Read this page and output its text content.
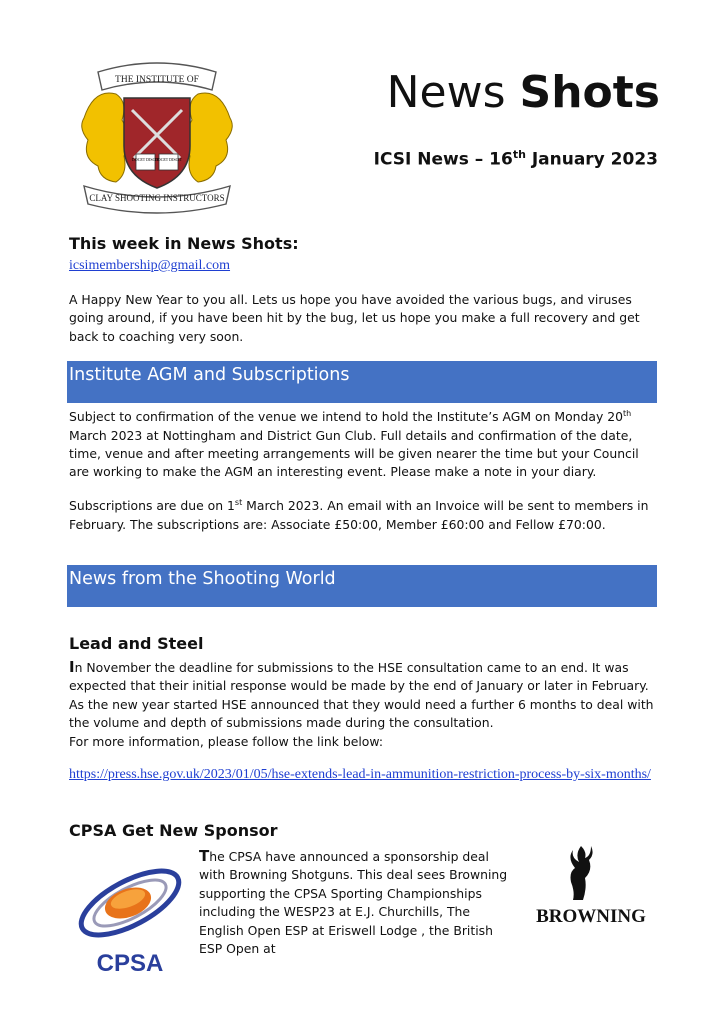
THE INSTITUTE OF
DOCET DISCIT
DOCET DISCIT
CLAY SHOOTING INSTRUCTORS
News Shots
ICSI News – 16th January 2023
This week in News Shots:
icsimembership@gmail.com
A Happy New Year to you all. Lets us hope you have avoided the various bugs, and viruses going around, if you have been hit by the bug, let us hope you make a full recovery and get back to coaching very soon.
Institute AGM and Subscriptions
Subject to confirmation of the venue we intend to hold the Institute’s AGM on Monday 20th March 2023 at Nottingham and District Gun Club. Full details and confirmation of the date, time, venue and after meeting arrangements will be given nearer the time but your Council are working to make the AGM an interesting event. Please make a note in your diary.
Subscriptions are due on 1st March 2023. An email with an Invoice will be sent to members in February. The subscriptions are: Associate £50:00, Member £60:00 and Fellow £70:00.
News from the Shooting World
Lead and Steel
In November the deadline for submissions to the HSE consultation came to an end. It was expected that their initial response would be made by the end of January or later in February. As the new year started HSE announced that they would need a further 6 months to deal with the volume and depth of submissions made during the consultation.
For more information, please follow the link below:
https://press.hse.gov.uk/2023/01/05/hse-extends-lead-in-ammunition-restriction-process-by-six-months/
CPSA Get New Sponsor
CPSA
The CPSA have announced a sponsorship deal with Browning Shotguns. This deal sees Browning supporting the CPSA Sporting Championships including the WESP23 at E.J. Churchills, The English Open ESP at Eriswell Lodge , the British ESP Open at
BROWNING
